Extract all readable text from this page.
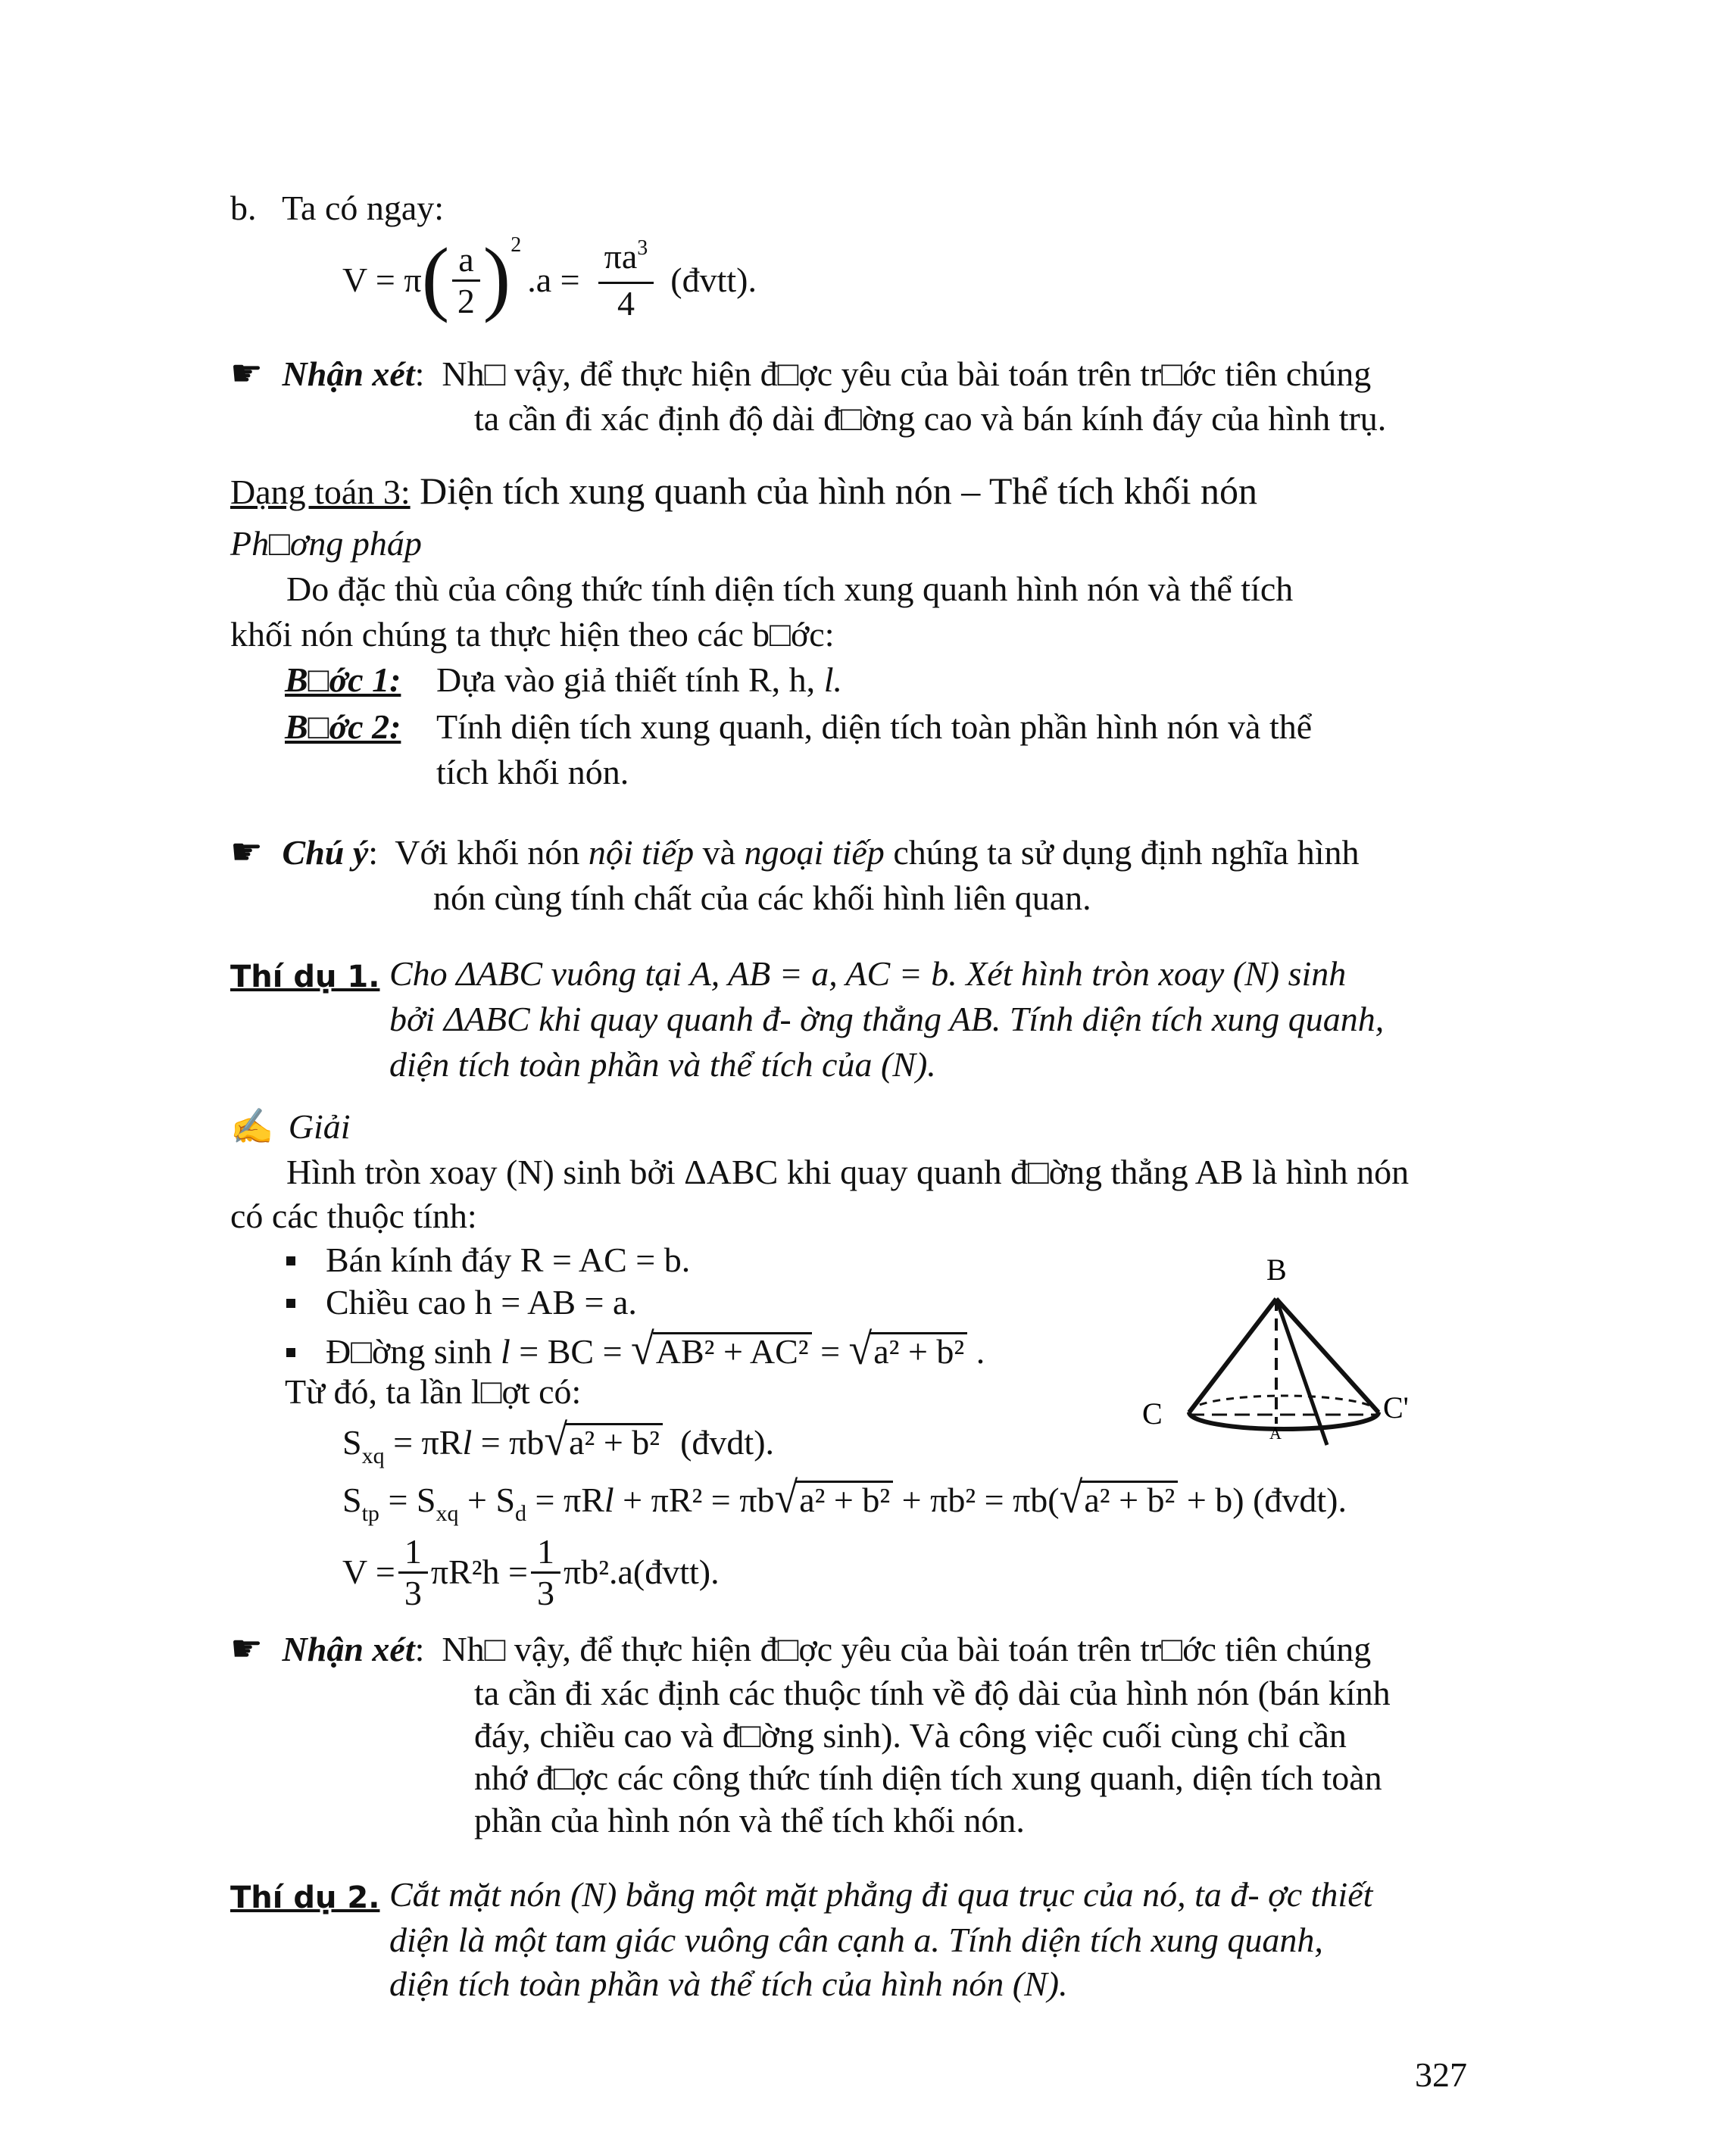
b. Ta có ngay:
V = π ( $\frac{a}{2}$ ) 2
$.a = \frac{\pi a^3}{4}$ (đvtt).
☛ Nhận xét:  Nh□ vậy, để thực hiện đ□ợc yêu của bài toán trên tr□ớc tiên chúng
ta cần đi xác định độ dài đ□ờng cao và bán kính đáy của hình trụ.
Dạng toán 3: Diện tích xung quanh của hình nón – Thể tích khối nón
Ph□ơng pháp
Do đặc thù của công thức tính diện tích xung quanh hình nón và thể tích
khối nón chúng ta thực hiện theo các b□ớc:
B□ớc 1: Dựa vào giả thiết tính R, h, l.
B□ớc 2: Tính diện tích xung quanh, diện tích toàn phần hình nón và thể
tích khối nón.
☛ Chú ý:  Với khối nón nội tiếp và ngoại tiếp chúng ta sử dụng định nghĩa hình
nón cùng tính chất của các khối hình liên quan.
Thí dụ 1. Cho ΔABC vuông tại A, AB = a, AC = b. Xét hình tròn xoay (N) sinh
bởi ΔABC khi quay quanh đ- ờng thẳng AB. Tính diện tích xung quanh,
diện tích toàn phần và thể tích của (N).
✍ Giải
Hình tròn xoay (N) sinh bởi ΔABC khi quay quanh đ□ờng thẳng AB là hình nón
có các thuộc tính:
Bán kính đáy R = AC = b.
Chiều cao h = AB = a.
Đ□ờng sinh l = BC = √AB² + AC² = √a² + b² .
Từ đó, ta lần l□ợt có:
$S_{xq} = \pi Rl = \pi b√a^2 + b^2$ (đvdt).
$S_{tp} = S_{xq} + S_d = \pi Rl + \pi R^2 = \pi b√a^2 + b^2 + \pi b^2 = \pi b(√a^2 + b^2 + b)$ (đvdt).
$V = \frac{1}{3} \pi R^2h = \frac{1}{3}$ πb².a(đvtt).
B
C	C'
A
☛ Nhận xét:  Nh□ vậy, để thực hiện đ□ợc yêu của bài toán trên tr□ớc tiên chúng
ta cần đi xác định các thuộc tính về độ dài của hình nón (bán kính
đáy, chiều cao và đ□ờng sinh). Và công việc cuối cùng chỉ cần
nhớ đ□ợc các công thức tính diện tích xung quanh, diện tích toàn
phần của hình nón và thể tích khối nón.
Thí dụ 2. Cắt mặt nón (N) bằng một mặt phẳng đi qua trục của nó, ta đ- ợc thiết
diện là một tam giác vuông cân cạnh a. Tính diện tích xung quanh,
diện tích toàn phần và thể tích của hình nón (N).
327
